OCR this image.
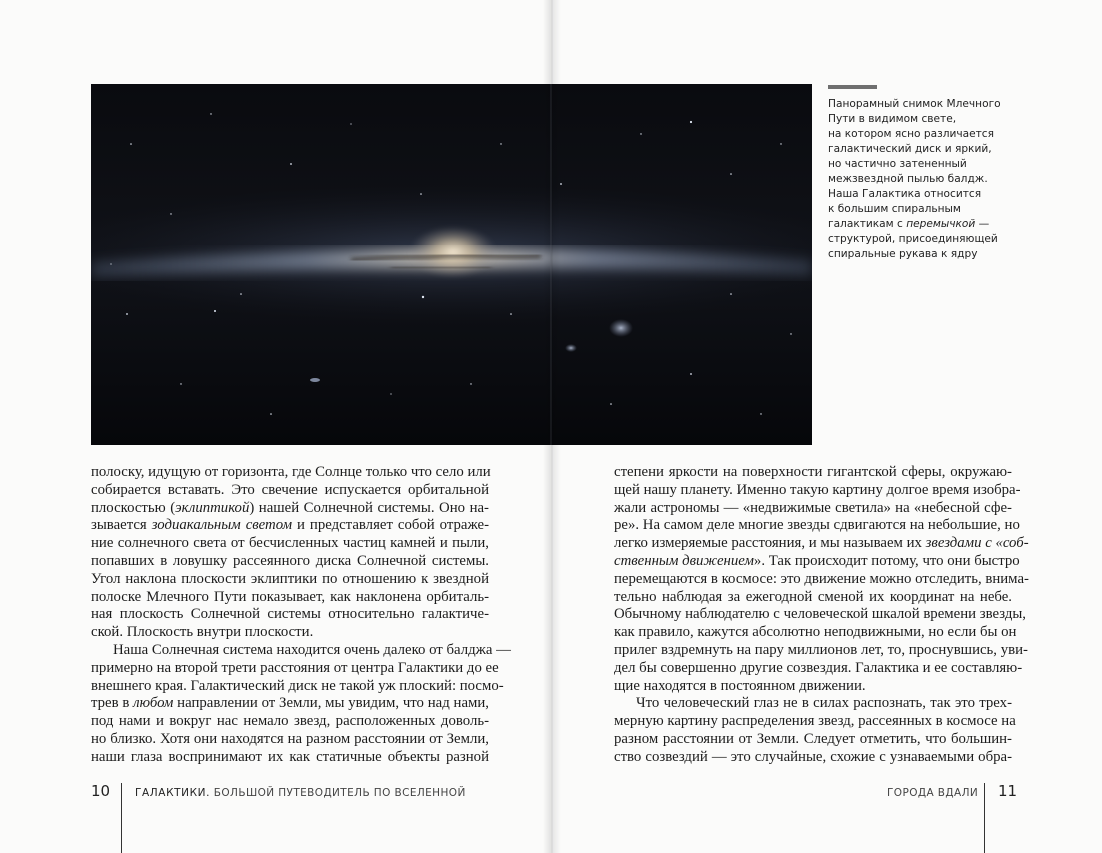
Панорамный снимок Млечного
Пути в видимом свете,
на котором ясно различается
галактический диск и яркий,
но частично затененный
межзвездной пылью балдж.
Наша Галактика относится
к большим спиральным
галактикам с перемычкой —
структурой, присоединяющей
спиральные рукава к ядру
полоску, идущую от горизонта, где Солнце только что село или
собирается вставать. Это свечение испускается орбитальной
плоскостью (эклиптикой) нашей Солнечной системы. Оно на-
зывается зодиакальным светом и представляет собой отраже-
ние солнечного света от бесчисленных частиц камней и пыли,
попавших в ловушку рассеянного диска Солнечной системы.
Угол наклона плоскости эклиптики по отношению к звездной
полоске Млечного Пути показывает, как наклонена орбиталь-
ная плоскость Солнечной системы относительно галактиче-
ской. Плоскость внутри плоскости.
Наша Солнечная система находится очень далеко от балджа —
примерно на второй трети расстояния от центра Галактики до ее
внешнего края. Галактический диск не такой уж плоский: посмо-
трев в любом направлении от Земли, мы увидим, что над нами,
под нами и вокруг нас немало звезд, расположенных доволь-
но близко. Хотя они находятся на разном расстоянии от Земли,
наши глаза воспринимают их как статичные объекты разной
степени яркости на поверхности гигантской сферы, окружаю-
щей нашу планету. Именно такую картину долгое время изобра-
жали астрономы — «недвижимые светила» на «небесной сфе-
ре». На самом деле многие звезды сдвигаются на небольшие, но
легко измеряемые расстояния, и мы называем их звездами с «соб-
ственным движением». Так происходит потому, что они быстро
перемещаются в космосе: это движение можно отследить, внима-
тельно наблюдая за ежегодной сменой их координат на небе.
Обычному наблюдателю с человеческой шкалой времени звезды,
как правило, кажутся абсолютно неподвижными, но если бы он
прилег вздремнуть на пару миллионов лет, то, проснувшись, уви-
дел бы совершенно другие созвездия. Галактика и ее составляю-
щие находятся в постоянном движении.
Что человеческий глаз не в силах распознать, так это трех-
мерную картину распределения звезд, рассеянных в космосе на
разном расстоянии от Земли. Следует отметить, что большин-
ство созвездий — это случайные, схожие с узнаваемыми обра-
10 ГАЛАКТИКИ. БОЛЬШОЙ ПУТЕВОДИТЕЛЬ ПО ВСЕЛЕННОЙ	ГОРОДА ВДАЛИ 11
